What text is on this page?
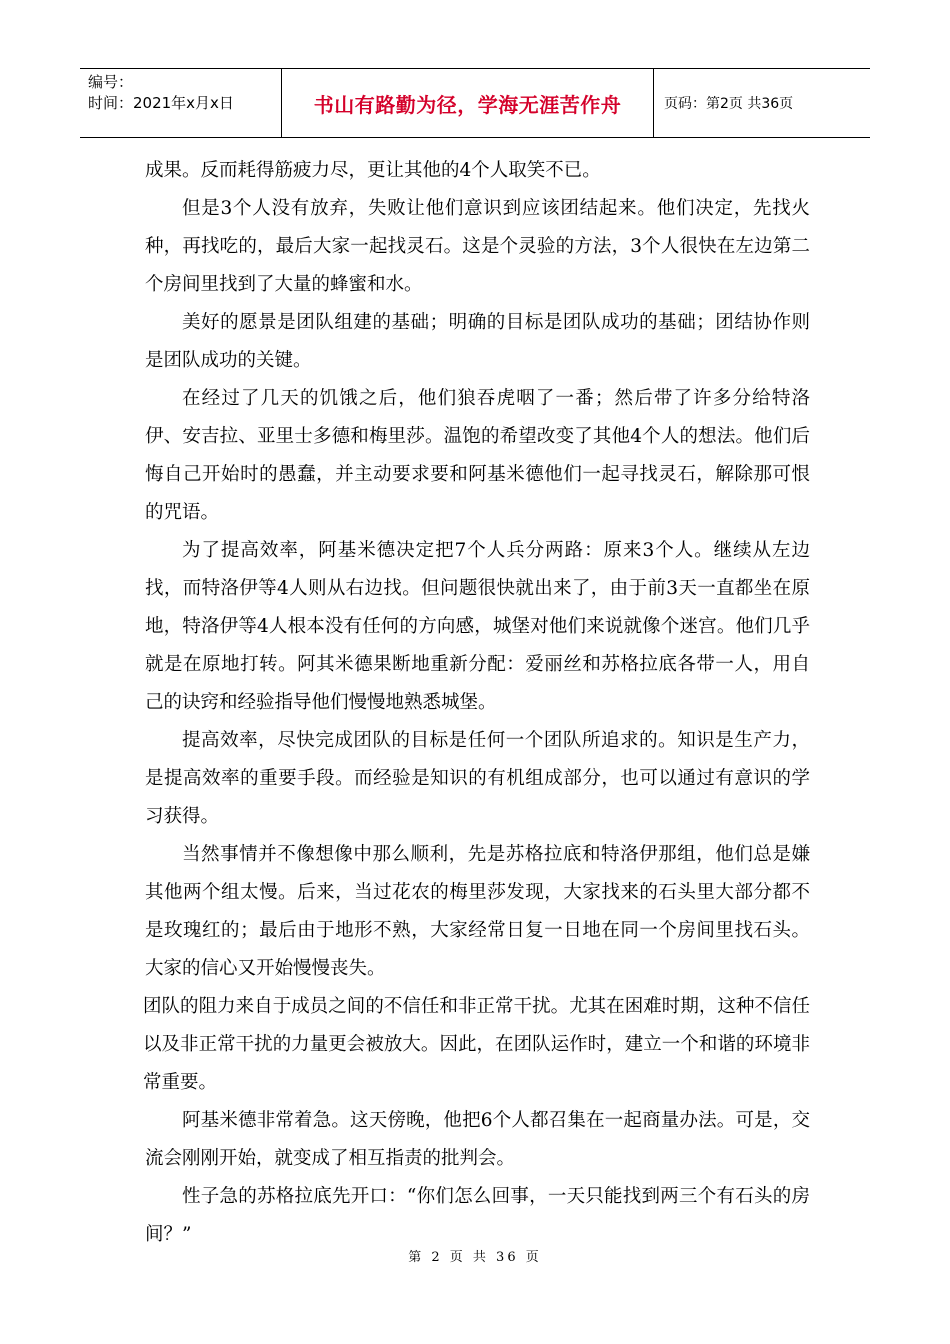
编号：
时间：2021年x月x日	书山有路勤为径，学海无涯苦作舟	页码：第2页 共36页

成果。反而耗得筋疲力尽，更让其他的4个人取笑不已。

但是3个人没有放弃，失败让他们意识到应该团结起来。他们决定，先找火种，再找吃的，最后大家一起找灵石。这是个灵验的方法，3个人很快在左边第二个房间里找到了大量的蜂蜜和水。

美好的愿景是团队组建的基础；明确的目标是团队成功的基础；团结协作则是团队成功的关键。

在经过了几天的饥饿之后，他们狼吞虎咽了一番；然后带了许多分给特洛伊、安吉拉、亚里士多德和梅里莎。温饱的希望改变了其他4个人的想法。他们后悔自己开始时的愚蠢，并主动要求要和阿基米德他们一起寻找灵石，解除那可恨的咒语。

为了提高效率，阿基米德决定把7个人兵分两路：原来3个人。继续从左边找，而特洛伊等4人则从右边找。但问题很快就出来了，由于前3天一直都坐在原地，特洛伊等4人根本没有任何的方向感，城堡对他们来说就像个迷宫。他们几乎就是在原地打转。阿其米德果断地重新分配：爱丽丝和苏格拉底各带一人，用自己的诀窍和经验指导他们慢慢地熟悉城堡。

提高效率，尽快完成团队的目标是任何一个团队所追求的。知识是生产力，是提高效率的重要手段。而经验是知识的有机组成部分，也可以通过有意识的学习获得。

当然事情并不像想像中那么顺利，先是苏格拉底和特洛伊那组，他们总是嫌其他两个组太慢。后来，当过花农的梅里莎发现，大家找来的石头里大部分都不是玫瑰红的；最后由于地形不熟，大家经常日复一日地在同一个房间里找石头。大家的信心又开始慢慢丧失。

团队的阻力来自于成员之间的不信任和非正常干扰。尤其在困难时期，这种不信任以及非正常干扰的力量更会被放大。因此，在团队运作时，建立一个和谐的环境非常重要。

阿基米德非常着急。这天傍晚，他把6个人都召集在一起商量办法。可是，交流会刚刚开始，就变成了相互指责的批判会。

性子急的苏格拉底先开口：“你们怎么回事，一天只能找到两三个有石头的房间？”

第 2 页 共 36 页
